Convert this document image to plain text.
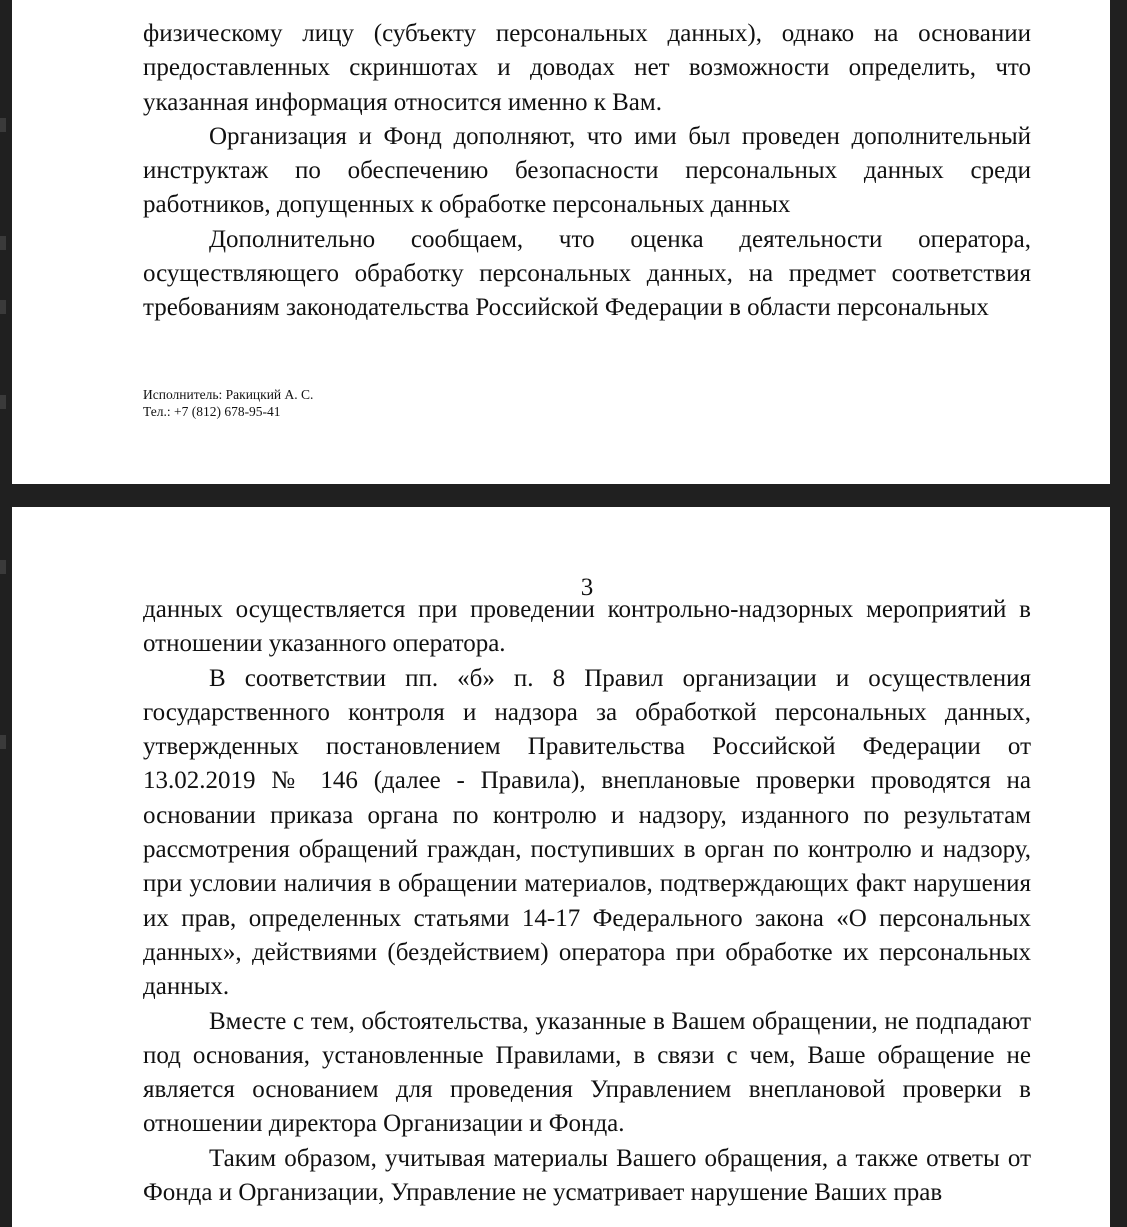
физическому лицу (субъекту персональных данных), однако на основании предоставленных скриншотах и доводах нет возможности определить, что указанная информация относится именно к Вам.

Организация и Фонд дополняют, что ими был проведен дополнительный инструктаж по обеспечению безопасности персональных данных среди работников, допущенных к обработке персональных данных

Дополнительно сообщаем, что оценка деятельности оператора, осуществляющего обработку персональных данных, на предмет соответствия требованиям законодательства Российской Федерации в области персональных

Исполнитель: Ракицкий А. С.
Тел.: +7 (812) 678-95-41
3

данных осуществляется при проведении контрольно-надзорных мероприятий в отношении указанного оператора.

В соответствии пп. «б» п. 8 Правил организации и осуществления государственного контроля и надзора за обработкой персональных данных, утвержденных постановлением Правительства Российской Федерации от 13.02.2019 № 146 (далее - Правила), внеплановые проверки проводятся на основании приказа органа по контролю и надзору, изданного по результатам рассмотрения обращений граждан, поступивших в орган по контролю и надзору, при условии наличия в обращении материалов, подтверждающих факт нарушения их прав, определенных статьями 14-17 Федерального закона «О персональных данных», действиями (бездействием) оператора при обработке их персональных данных.

Вместе с тем, обстоятельства, указанные в Вашем обращении, не подпадают под основания, установленные Правилами, в связи с чем, Ваше обращение не является основанием для проведения Управлением внеплановой проверки в отношении директора Организации и Фонда.

Таким образом, учитывая материалы Вашего обращения, а также ответы от Фонда и Организации, Управление не усматривает нарушение Ваших прав
